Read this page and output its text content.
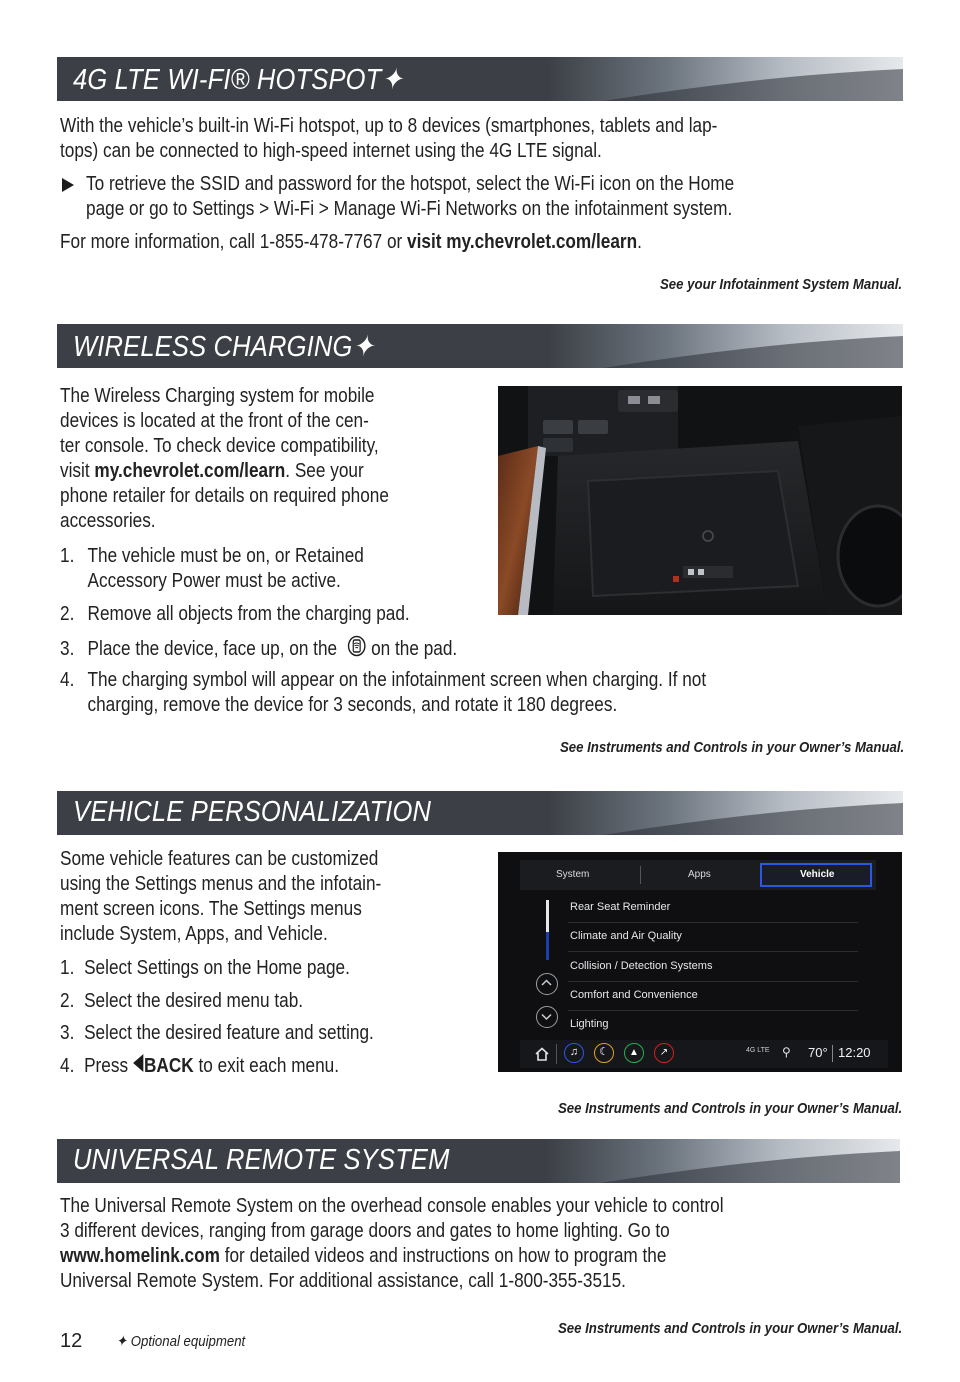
4G LTE WI-FI® HOTSPOT✦
With the vehicle’s built-in Wi-Fi hotspot, up to 8 devices (smartphones, tablets and lap-
tops) can be connected to high-speed internet using the 4G LTE signal.
To retrieve the SSID and password for the hotspot, select the Wi-Fi icon on the Home
page or go to Settings > Wi-Fi > Manage Wi-Fi Networks on the infotainment system.
For more information, call 1-855-478-7767 or visit my.chevrolet.com/learn.
See your Infotainment System Manual.
WIRELESS CHARGING✦
The Wireless Charging system for mobile
devices is located at the front of the cen-
ter console. To check device compatibility,
visit my.chevrolet.com/learn. See your
phone retailer for details on required phone
accessories.
1. The vehicle must be on, or Retained
Accessory Power must be active.
2. Remove all objects from the charging pad.
3. Place the device, face up, on the on the pad.
4. The charging symbol will appear on the infotainment screen when charging. If not
charging, remove the device for 3 seconds, and rotate it 180 degrees.
See Instruments and Controls in your Owner’s Manual.
VEHICLE PERSONALIZATION
Some vehicle features can be customized
using the Settings menus and the infotain-
ment screen icons. The Settings menus
include System, Apps, and Vehicle.
1. Select Settings on the Home page.
2. Select the desired menu tab.
3. Select the desired feature and setting.
4. Press BACK to exit each menu.
System	Apps	Vehicle
Rear Seat Reminder
Climate and Air Quality
Collision / Detection Systems
Comfort and Convenience
Lighting
♫	☾	▲	↗	4G LTE ⚲ 70° 12:20
See Instruments and Controls in your Owner’s Manual.
UNIVERSAL REMOTE SYSTEM
The Universal Remote System on the overhead console enables your vehicle to control
3 different devices, ranging from garage doors and gates to home lighting. Go to
www.homelink.com for detailed videos and instructions on how to program the
Universal Remote System. For additional assistance, call 1-800-355-3515.
See Instruments and Controls in your Owner’s Manual.
12 ✦ Optional equipment
